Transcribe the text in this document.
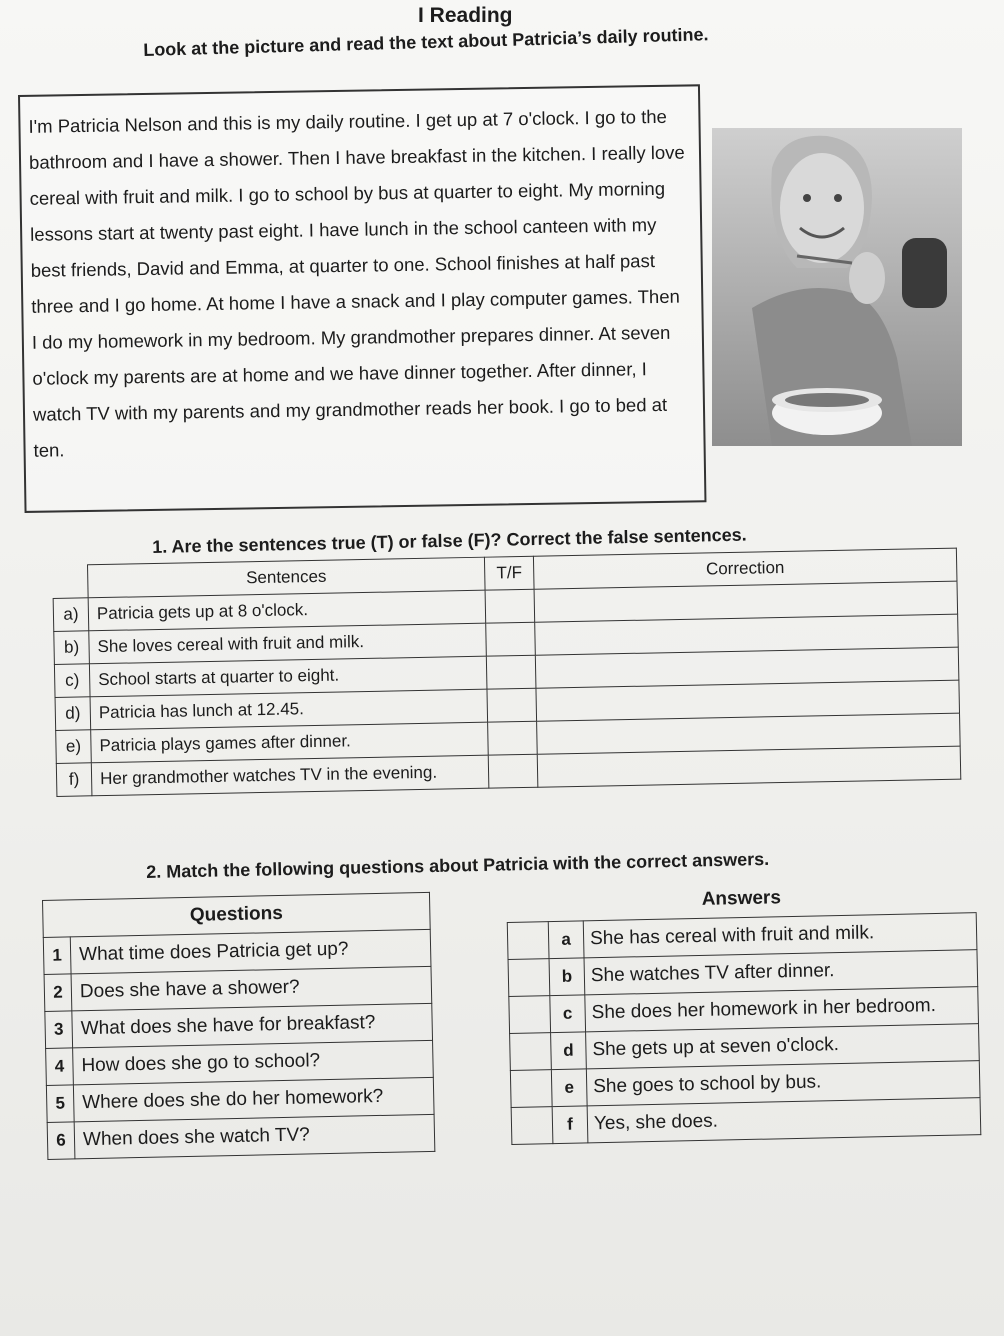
I Reading
Look at the picture and read the text about Patricia’s daily routine.

I'm Patricia Nelson and this is my daily routine. I get up at 7 o'clock. I go to the bathroom and I have a shower. Then I have breakfast in the kitchen. I really love cereal with fruit and milk. I go to school by bus at quarter to eight. My morning lessons start at twenty past eight. I have lunch in the school canteen with my best friends, David and Emma, at quarter to one. School finishes at half past three and I go home. At home I have a snack and I play computer games. Then I do my homework in my bedroom. My grandmother prepares dinner. At seven o'clock my parents are at home and we have dinner together. After dinner, I watch TV with my parents and my grandmother reads her book. I go to bed at ten.

1. Are the sentences true (T) or false (F)? Correct the false sentences.
	Sentences	T/F	Correction
a)	Patricia gets up at 8 o'clock.		
b)	She loves cereal with fruit and milk.		
c)	School starts at quarter to eight.		
d)	Patricia has lunch at 12.45.		
e)	Patricia plays games after dinner.		
f)	Her grandmother watches TV in the evening.		
2. Match the following questions about Patricia with the correct answers.
Questions	
1	What time does Patricia get up?
2	Does she have a shower?
3	What does she have for breakfast?
4	How does she go to school?
5	Where does she do her homework?
6	When does she watch TV?
Answers		
	a	She has cereal with fruit and milk.
	b	She watches TV after dinner.
	c	She does her homework in her bedroom.
	d	She gets up at seven o'clock.
	e	She goes to school by bus.
	f	Yes, she does.
